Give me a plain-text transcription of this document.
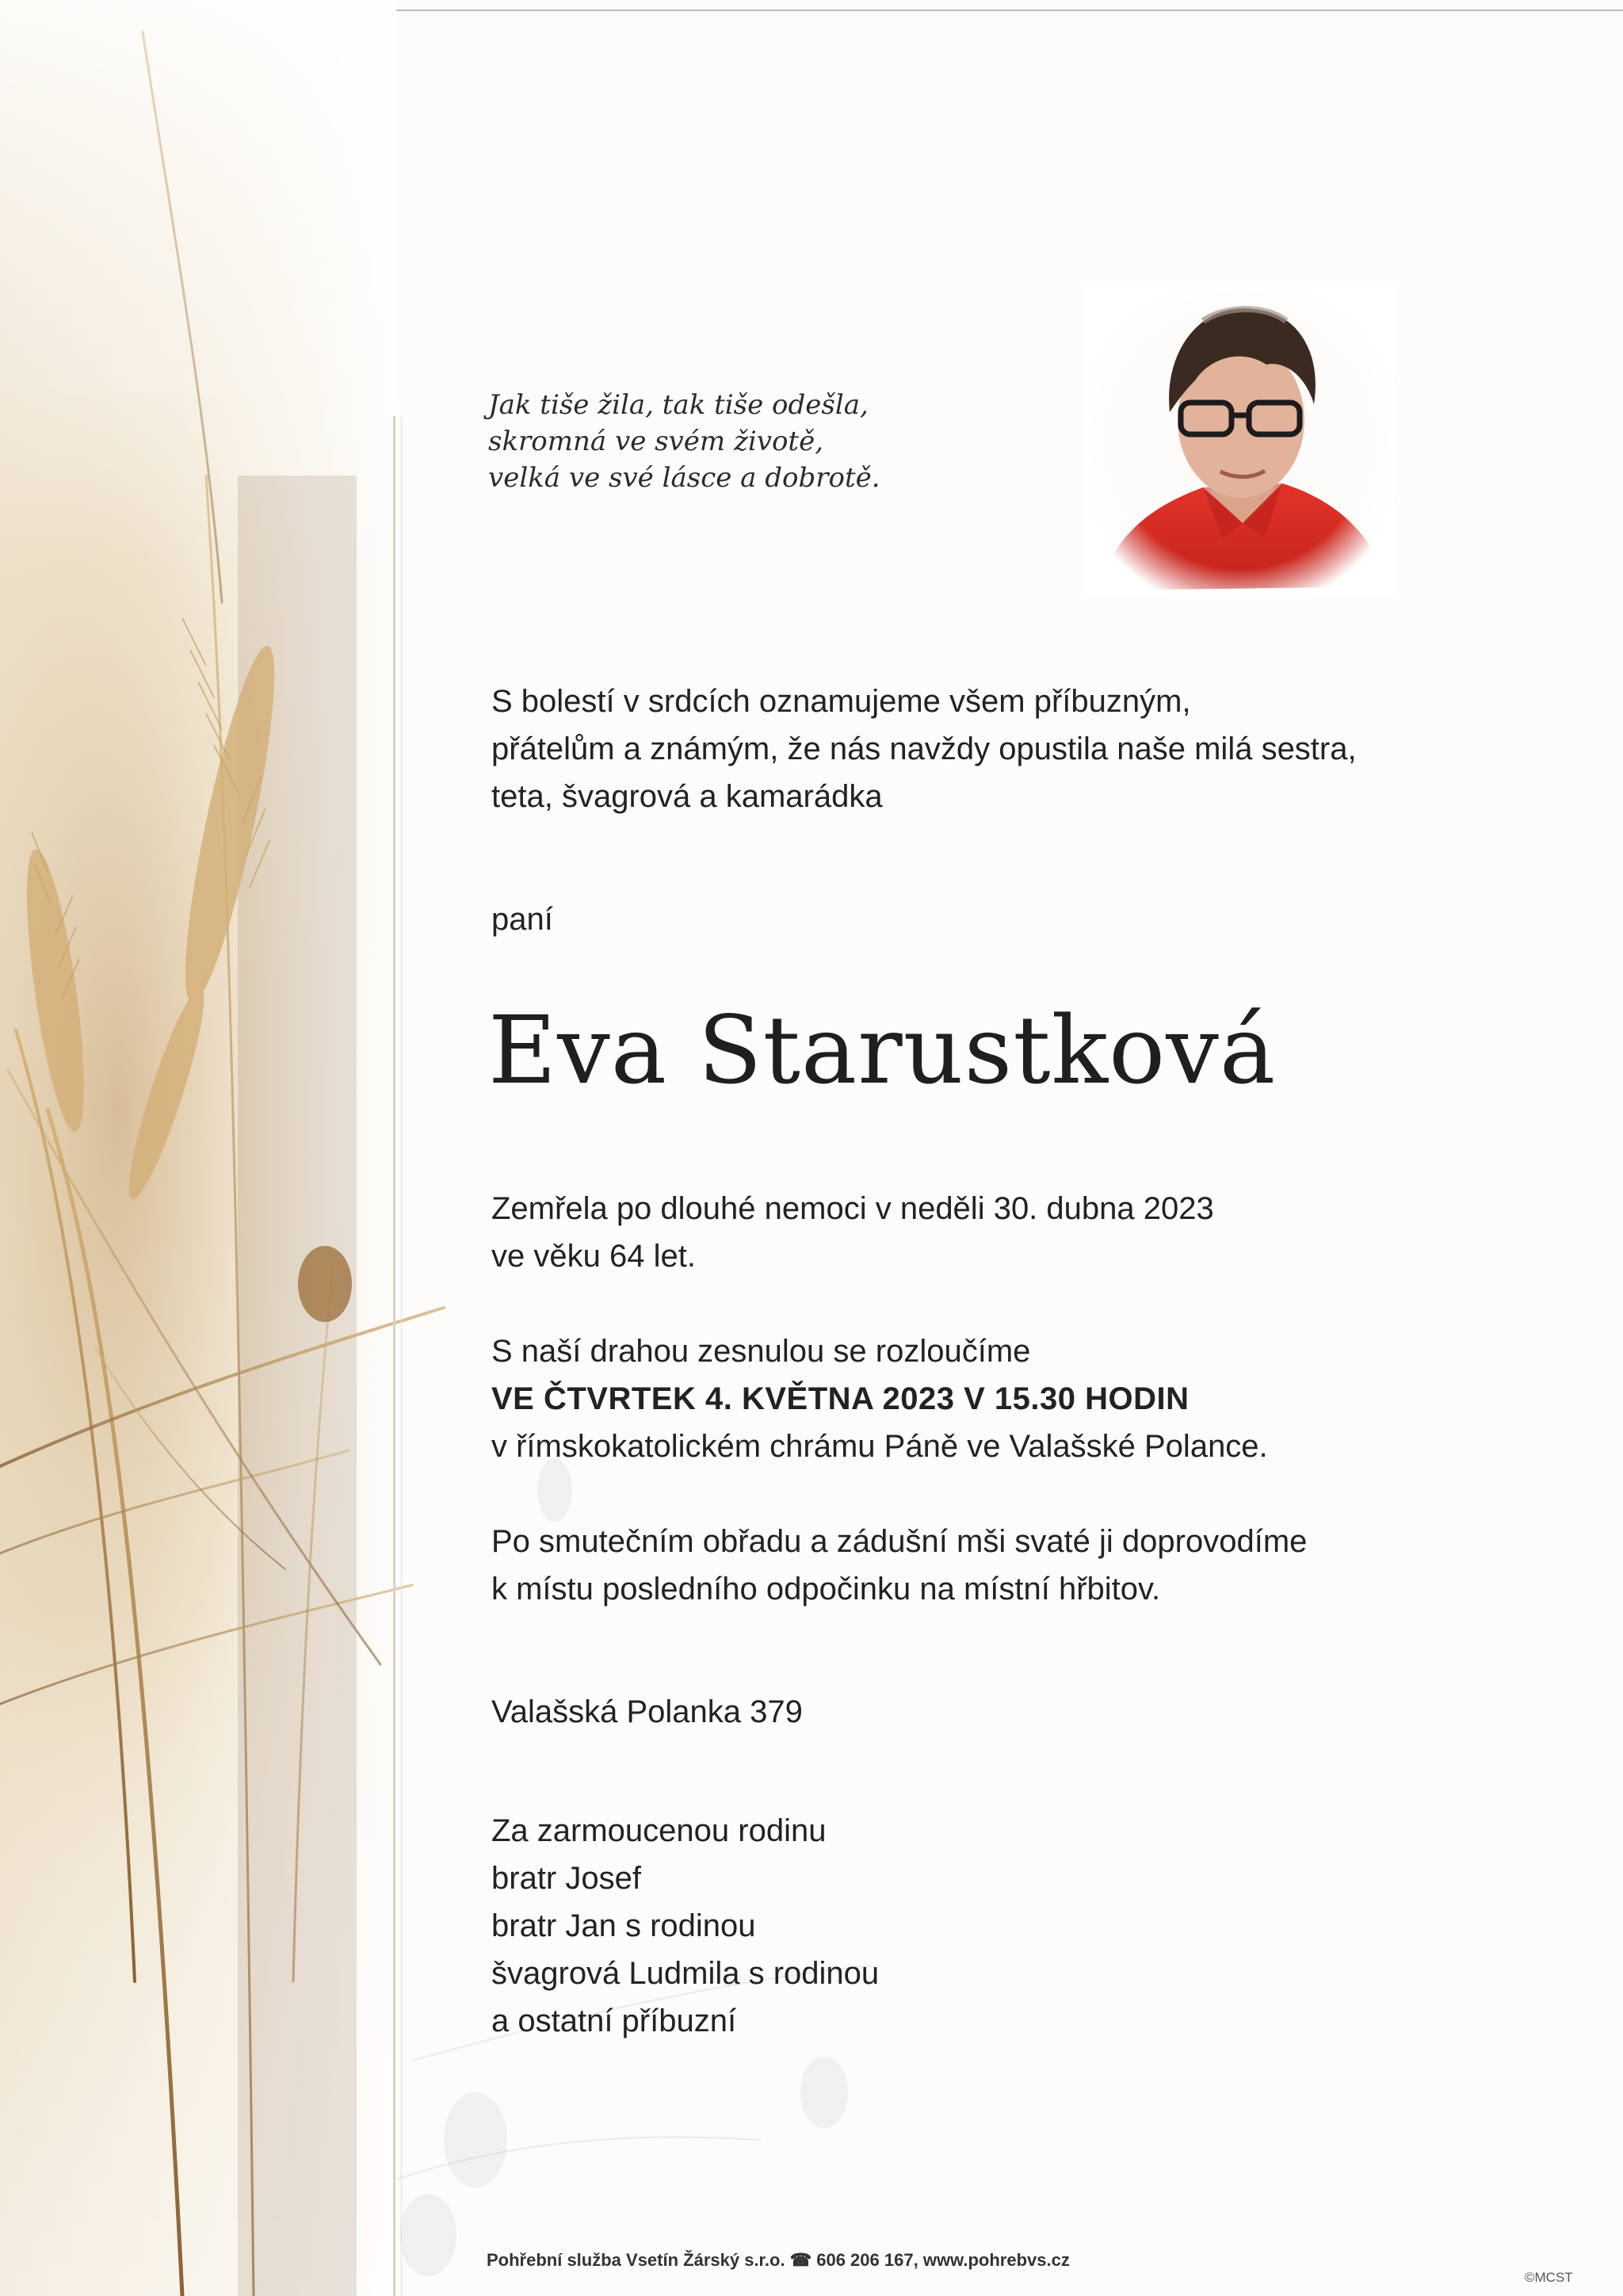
Jak tiše žila, tak tiše odešla,
skromná ve svém životě,
velká ve své lásce a dobrotě.
S bolestí v srdcích oznamujeme všem příbuzným,
přátelům a známým, že nás navždy opustila naše milá sestra,
teta, švagrová a kamarádka
paní
Eva Starustková
Zemřela po dlouhé nemoci v neděli 30. dubna 2023
ve věku 64 let.
S naší drahou zesnulou se rozloučíme
VE ČTVRTEK 4. KVĚTNA 2023 V 15.30 HODIN
v římskokatolickém chrámu Páně ve Valašské Polance.
Po smutečním obřadu a zádušní mši svaté ji doprovodíme
k místu posledního odpočinku na místní hřbitov.
Valašská Polanka 379
Za zarmoucenou rodinu
bratr Josef
bratr Jan s rodinou
švagrová Ludmila s rodinou
a ostatní příbuzní
Pohřební služba Vsetín Žárský s.r.o. ☎ 606 206 167, www.pohrebvs.cz
©MCST
